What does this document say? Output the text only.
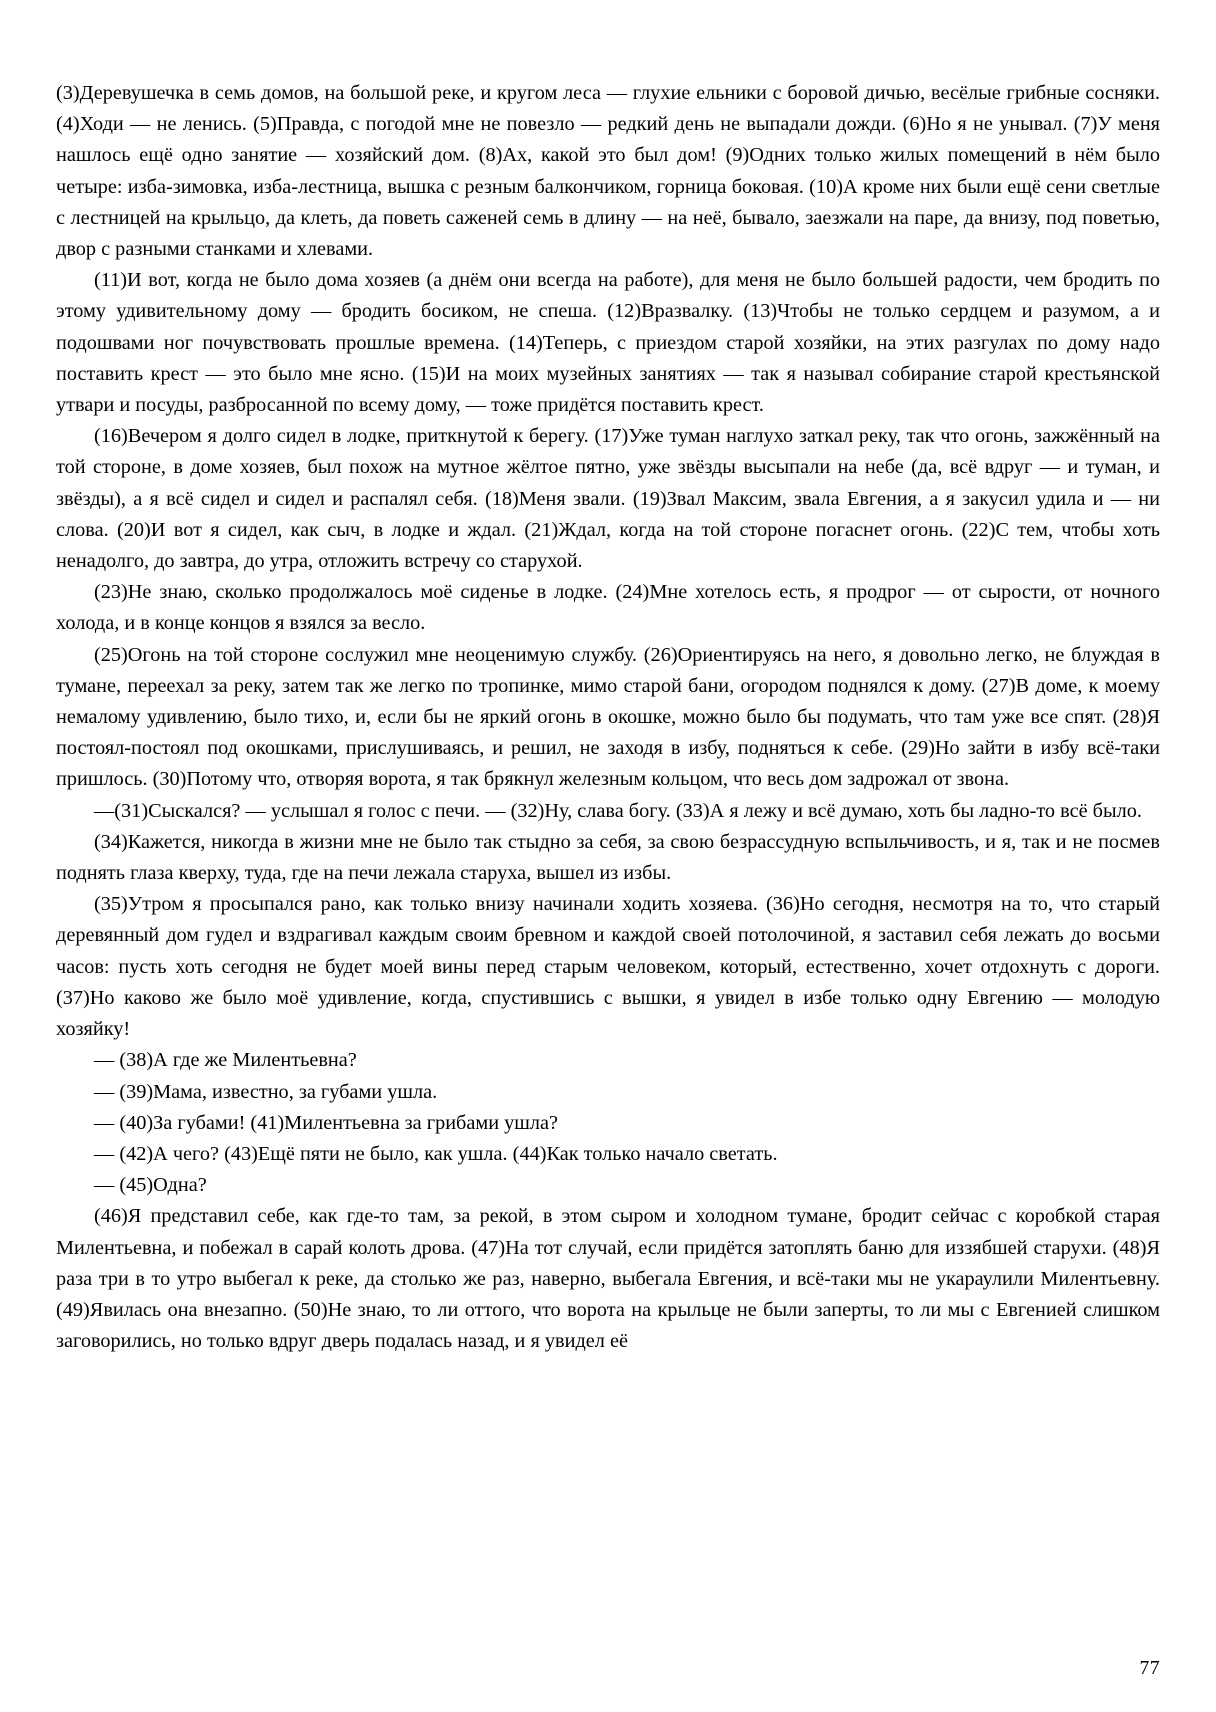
(3)Деревушечка в семь домов, на большой реке, и кругом леса — глухие ельники с боровой дичью, весёлые грибные сосняки. (4)Ходи — не ленись. (5)Правда, с погодой мне не повезло — редкий день не выпадали дожди. (6)Но я не унывал. (7)У меня нашлось ещё одно занятие — хозяйский дом. (8)Ах, какой это был дом! (9)Одних только жилых помещений в нём было четыре: изба-зимовка, изба-лестница, вышка с резным балкончиком, горница боковая. (10)А кроме них были ещё сени светлые с лестницей на крыльцо, да клеть, да поветь саженей семь в длину — на неё, бывало, заезжали на паре, да внизу, под поветью, двор с разными станками и хлевами.

(11)И вот, когда не было дома хозяев (а днём они всегда на работе), для меня не было большей радости, чем бродить по этому удивительному дому — бродить босиком, не спеша. (12)Вразвалку. (13)Чтобы не только сердцем и разумом, а и подошвами ног почувствовать прошлые времена. (14)Теперь, с приездом старой хозяйки, на этих разгулах по дому надо поставить крест — это было мне ясно. (15)И на моих музейных занятиях — так я называл собирание старой крестьянской утвари и посуды, разбросанной по всему дому, — тоже придётся поставить крест.

(16)Вечером я долго сидел в лодке, приткнутой к берегу. (17)Уже туман наглухо заткал реку, так что огонь, зажжённый на той стороне, в доме хозяев, был похож на мутное жёлтое пятно, уже звёзды высыпали на небе (да, всё вдруг — и туман, и звёзды), а я всё сидел и сидел и распалял себя. (18)Меня звали. (19)Звал Максим, звала Евгения, а я закусил удила и — ни слова. (20)И вот я сидел, как сыч, в лодке и ждал. (21)Ждал, когда на той стороне погаснет огонь. (22)С тем, чтобы хоть ненадолго, до завтра, до утра, отложить встречу со старухой.

(23)Не знаю, сколько продолжалось моё сиденье в лодке. (24)Мне хотелось есть, я продрог — от сырости, от ночного холода, и в конце концов я взялся за весло.

(25)Огонь на той стороне сослужил мне неоценимую службу. (26)Ориентируясь на него, я довольно легко, не блуждая в тумане, переехал за реку, затем так же легко по тропинке, мимо старой бани, огородом поднялся к дому. (27)В доме, к моему немалому удивлению, было тихо, и, если бы не яркий огонь в окошке, можно было бы подумать, что там уже все спят. (28)Я постоял-постоял под окошками, прислушиваясь, и решил, не заходя в избу, подняться к себе. (29)Но зайти в избу всё-таки пришлось. (30)Потому что, отворяя ворота, я так брякнул железным кольцом, что весь дом задрожал от звона.

—(31)Сыскался? — услышал я голос с печи. — (32)Ну, слава богу. (33)А я лежу и всё думаю, хоть бы ладно-то всё было.

(34)Кажется, никогда в жизни мне не было так стыдно за себя, за свою безрассудную вспыльчивость, и я, так и не посмев поднять глаза кверху, туда, где на печи лежала старуха, вышел из избы.

(35)Утром я просыпался рано, как только внизу начинали ходить хозяева. (36)Но сегодня, несмотря на то, что старый деревянный дом гудел и вздрагивал каждым своим бревном и каждой своей потолочиной, я заставил себя лежать до восьми часов: пусть хоть сегодня не будет моей вины перед старым человеком, который, естественно, хочет отдохнуть с дороги. (37)Но каково же было моё удивление, когда, спустившись с вышки, я увидел в избе только одну Евгению — молодую хозяйку!

— (38)А где же Милентьевна?

— (39)Мама, известно, за губами ушла.

— (40)За губами! (41)Милентьевна за грибами ушла?

— (42)А чего? (43)Ещё пяти не было, как ушла. (44)Как только начало светать.

— (45)Одна?

(46)Я представил себе, как где-то там, за рекой, в этом сыром и холодном тумане, бродит сейчас с коробкой старая Милентьевна, и побежал в сарай колоть дрова. (47)На тот случай, если придётся затоплять баню для иззябшей старухи. (48)Я раза три в то утро выбегал к реке, да столько же раз, наверно, выбегала Евгения, и всё-таки мы не укараулили Милентьевну. (49)Явилась она внезапно. (50)Не знаю, то ли оттого, что ворота на крыльце не были заперты, то ли мы с Евгенией слишком заговорились, но только вдруг дверь подалась назад, и я увидел её

77
